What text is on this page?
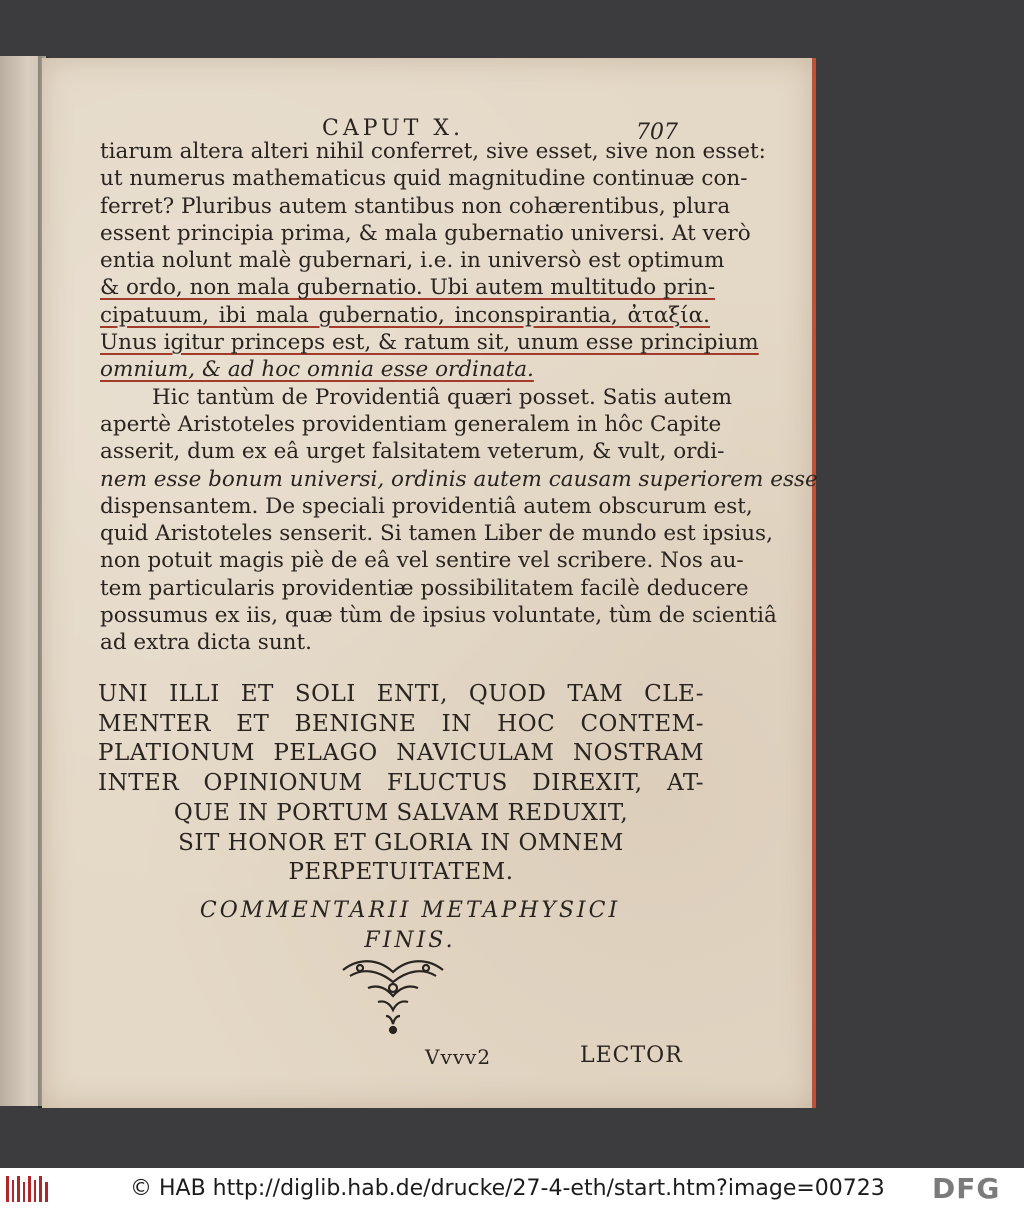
CAPUT X.	707
tiarum altera alteri nihil conferret, sive esset, sive non esset:
ut numerus mathematicus quid magnitudine continuæ con-
ferret? Pluribus autem stantibus non cohærentibus, plura
essent principia prima, & mala gubernatio universi. At verò
entia nolunt malè gubernari, i.e. in universò est optimum
& ordo, non mala gubernatio. Ubi autem multitudo prin-
cipatuum, ibi mala gubernatio, inconspirantia, ἀταξία.
Unus igitur princeps est, & ratum sit, unum esse principium
omnium, & ad hoc omnia esse ordinata.
Hic tantùm de Providentiâ quæri posset. Satis autem
apertè Aristoteles providentiam generalem in hôc Capite
asserit, dum ex eâ urget falsitatem veterum, & vult, ordi-
nem esse bonum universi, ordinis autem causam superiorem esse
dispensantem. De speciali providentiâ autem obscurum est,
quid Aristoteles senserit. Si tamen Liber de mundo est ipsius,
non potuit magis piè de eâ vel sentire vel scribere. Nos au-
tem particularis providentiæ possibilitatem facilè deducere
possumus ex iis, quæ tùm de ipsius voluntate, tùm de scientiâ
ad extra dicta sunt.
UNI ILLI ET SOLI ENTI, QUOD TAM CLE-
MENTER ET BENIGNE IN HOC CONTEM-
PLATIONUM PELAGO NAVICULAM NOSTRAM
INTER OPINIONUM FLUCTUS DIREXIT, AT-
QUE IN PORTUM SALVAM REDUXIT,
SIT HONOR ET GLORIA IN OMNEM
PERPETUITATEM.
COMMENTARII METAPHYSICI
FINIS.
Vvvv2	LECTOR
© HAB http://diglib.hab.de/drucke/27-4-eth/start.htm?image=00723 DFG
